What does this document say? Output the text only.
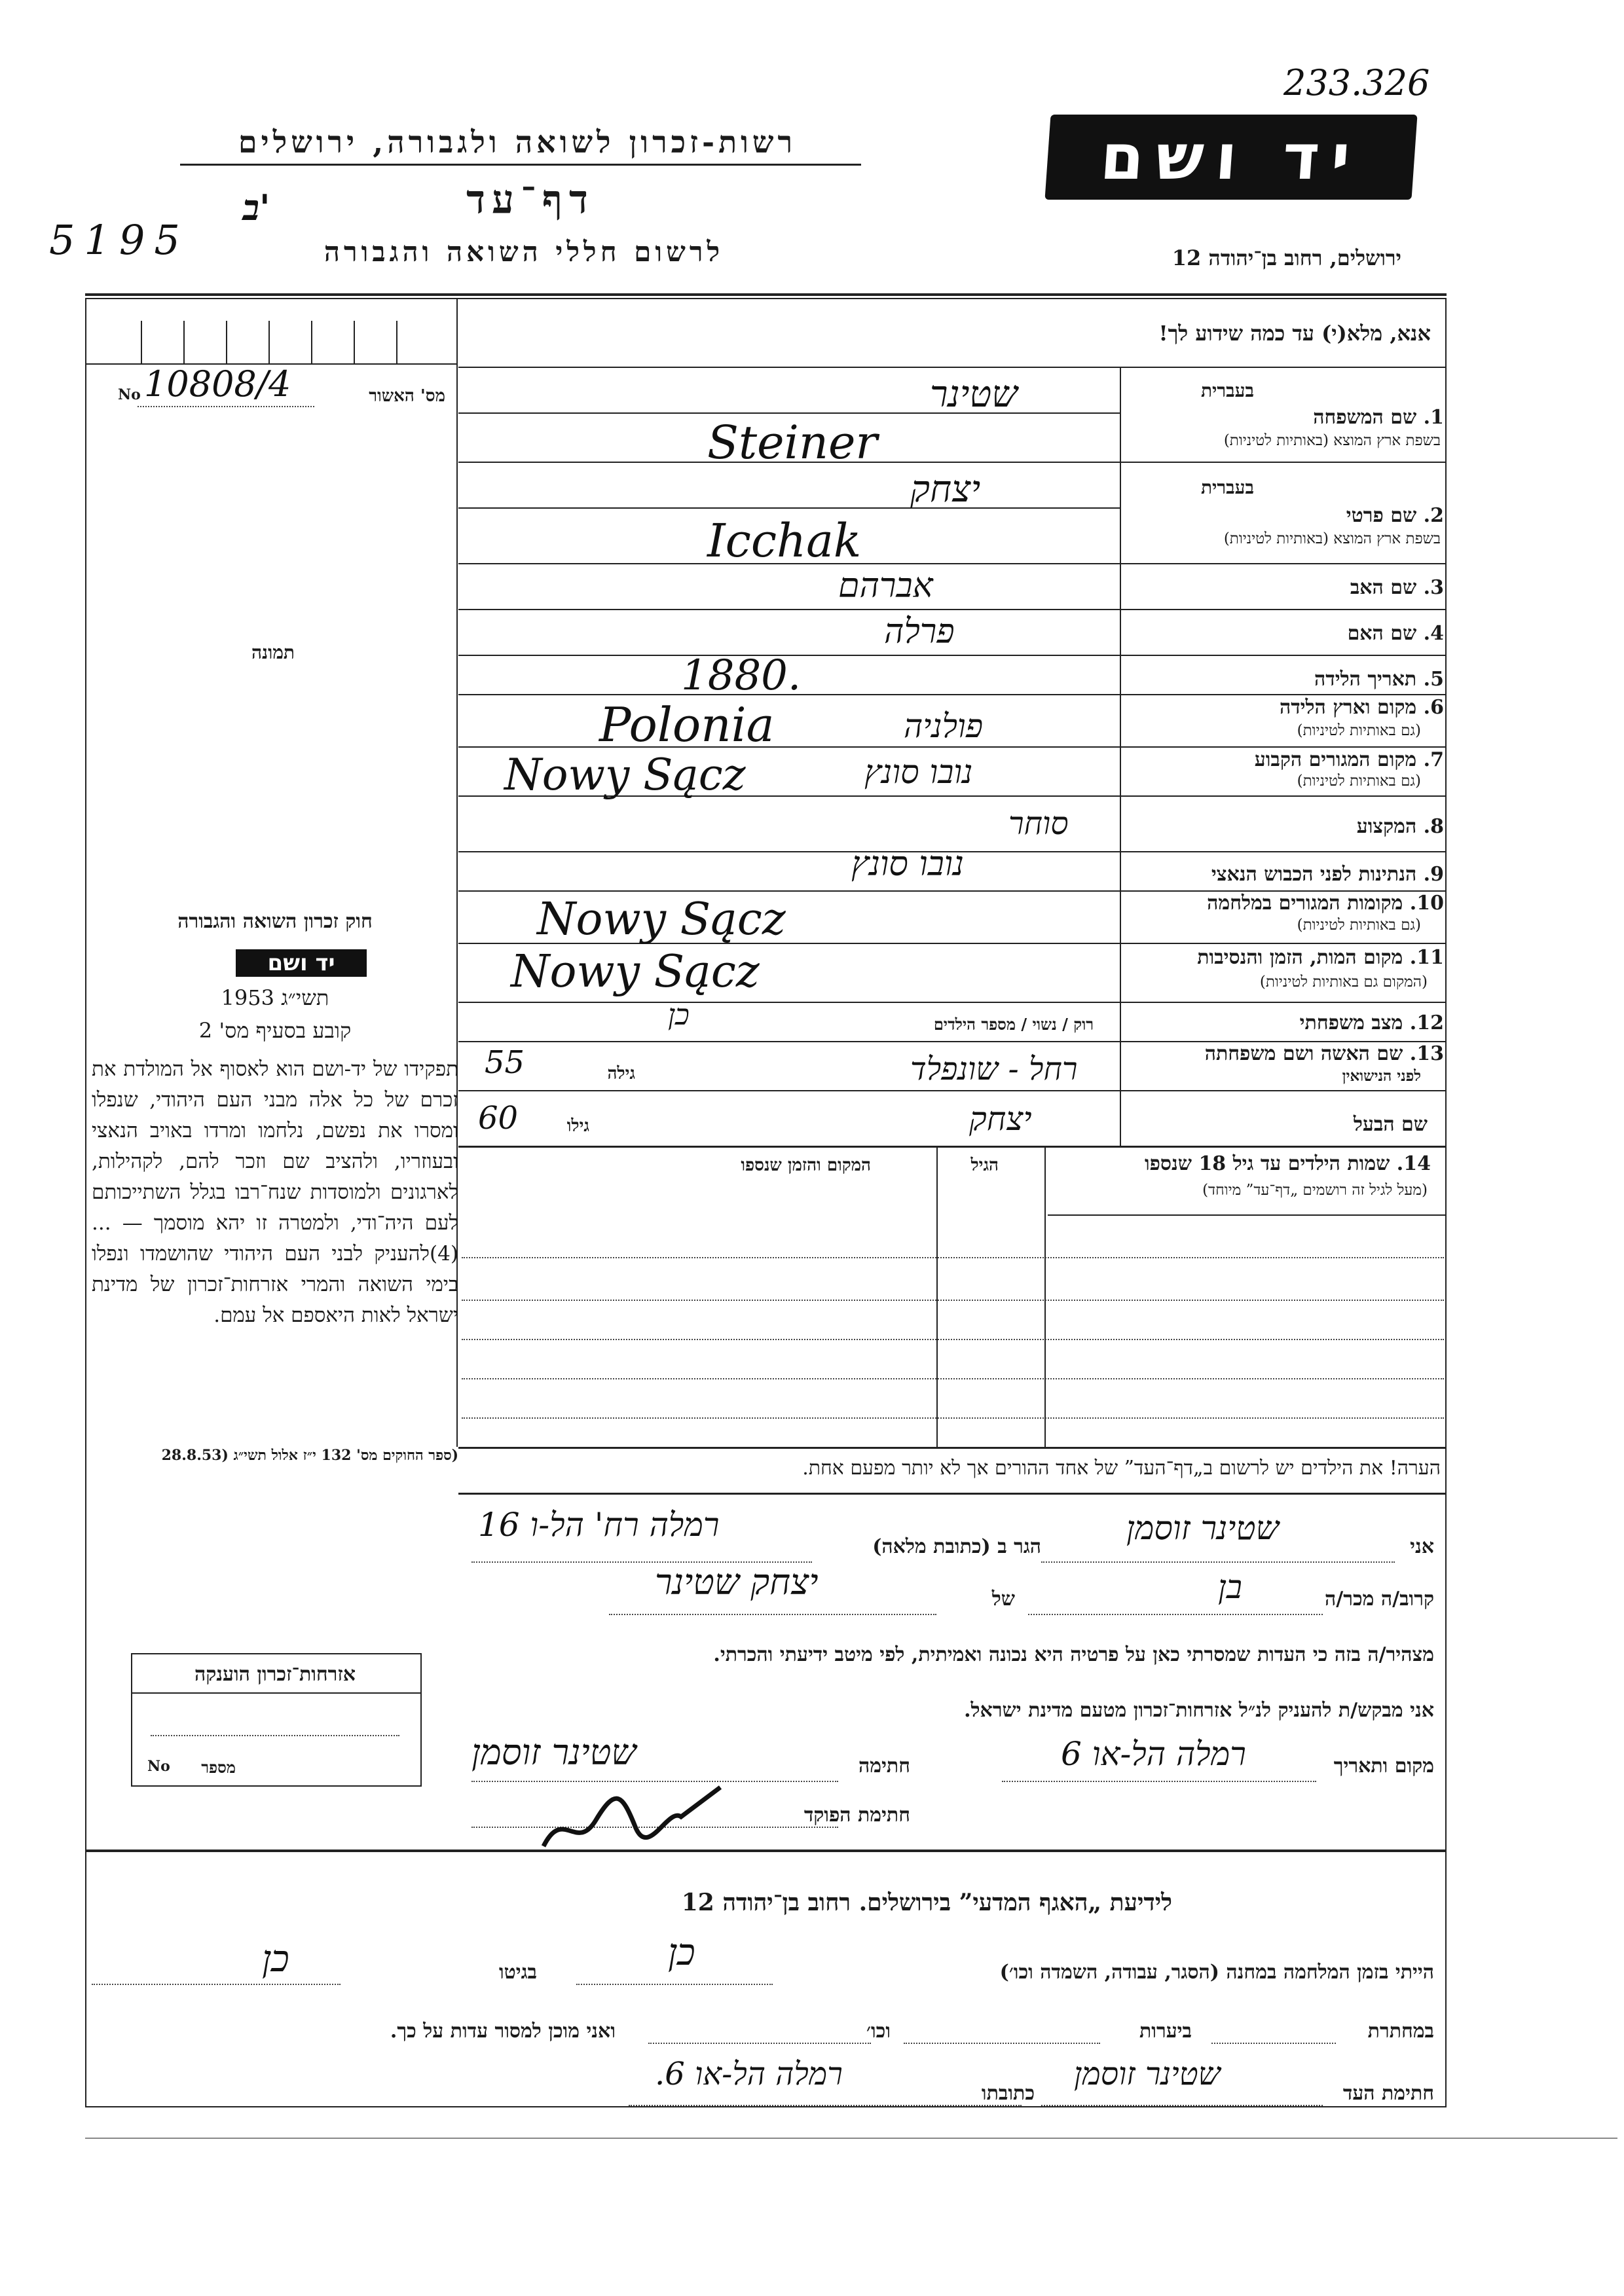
233.326
5195
רשות-זכרון לשואה ולגבורה, ירושלים
דף־עד
ב'
לרשום חללי השואה והגבורה
יד ושם
ירושלים, רחוב בן־יהודה 12
אנא, מלא(י) עד כמה שידוע לך!
No 10808/4	מס' האשור
תמונה
בעברית
1. שם המשפחה
בשפת ארץ המוצא (באותיות לטיניות)
בעברית
2. שם פרטי
בשפת ארץ המוצא (באותיות לטיניות)
3. שם האב
4. שם האם
5. תאריך הלידה
6. מקום וארץ הלידה
(גם באותיות לטיניות)
7. מקום המגורים הקבוע
(גם באותיות לטיניות)
8. המקצוע
9. הנתינות לפני הכבוש הנאצי
10. מקומות המגורים במלחמה
(גם באותיות לטיניות)
11. מקום המות, הזמן והנסיבות
(המקום גם באותיות לטיניות)
12. מצב משפחתי
13. שם האשה ושם משפחתה
לפני הנישואין
שם הבעל
שטינר
Steiner
יצחק
Icchak
אברהם
פרלה
1880.
פולניה
Polonia
Nowy Sącz	נובו סונץ
סוחר
נובו סונץ
Nowy Sącz
Nowy Sącz
רוק / נשוי / מספר הילדים
כן
רחל - שונפלד
גילה
55
יצחק
גילו
60
חוק זכרון השואה והגבורה
יד ושם
תשי״ג 1953
קובע בסעיף מס' 2
תפקידו של יד-ושם הוא לאסוף אל המולדת את זכרם של כל אלה מבני העם היהודי, שנפלו ומסרו את נפשם, נלחמו ומרדו באויב הנאצי ובעוזריו, ולהציב שם וזכר להם, לקהילות, לארגונים ולמוסדות שנח־רבו בגלל השתייכותם לעם היה־ודי, ולמטרה זו יהא מוסמך — ...(4)להעניק לבני העם היהודי שהושמדו ונפלו בימי השואה והמרי אזרחות־זכרון של מדינת ישראל לאות היאספם אל עמם.
(ספר החוקים מס' 132 י״ז אלול תשי״ג (28.8.53
14. שמות הילדים עד גיל 18 שנספו
(מעל לגיל זה רושמים „דף־עד” מיוחד)
הגיל
המקום והזמן שנספו
הערה! את הילדים יש לרשום ב„דף־העד” של אחד ההורים אך לא יותר מפעם אחת.
אני
שטינר זוסמן
הגר ב (כתובת מלאה)
רמלה רח' הל-ו 16
קרוב/ה מכר/ה
בן
של
יצחק שטינר
מצהיר/ה בזה כי העדות שמסרתי כאן על פרטיה היא נכונה ואמיתית, לפי מיטב ידיעתי והכרתי.
אני מבקש/ת להעניק לנ״ל אזרחות־זכרון מטעם מדינת ישראל.
מקום ותאריך
רמלה הל-או 6
חתימה
שטינר זוסמן
חתימת הפוקד
אזרחות־זכרון הוענקה
No מספר
לידיעת „האגף המדעי” בירושלים. רחוב בן־יהודה 12
הייתי בזמן המלחמה במחנה (הסגר, עבודה, השמדה וכו׳)
כן
בגיטו
כן
במחתרת
ביערות
וכו׳
ואני מוכן למסור עדות על כך.
חתימת העד
שטינר זוסמן
כתובתו
רמלה הל-או 6.
